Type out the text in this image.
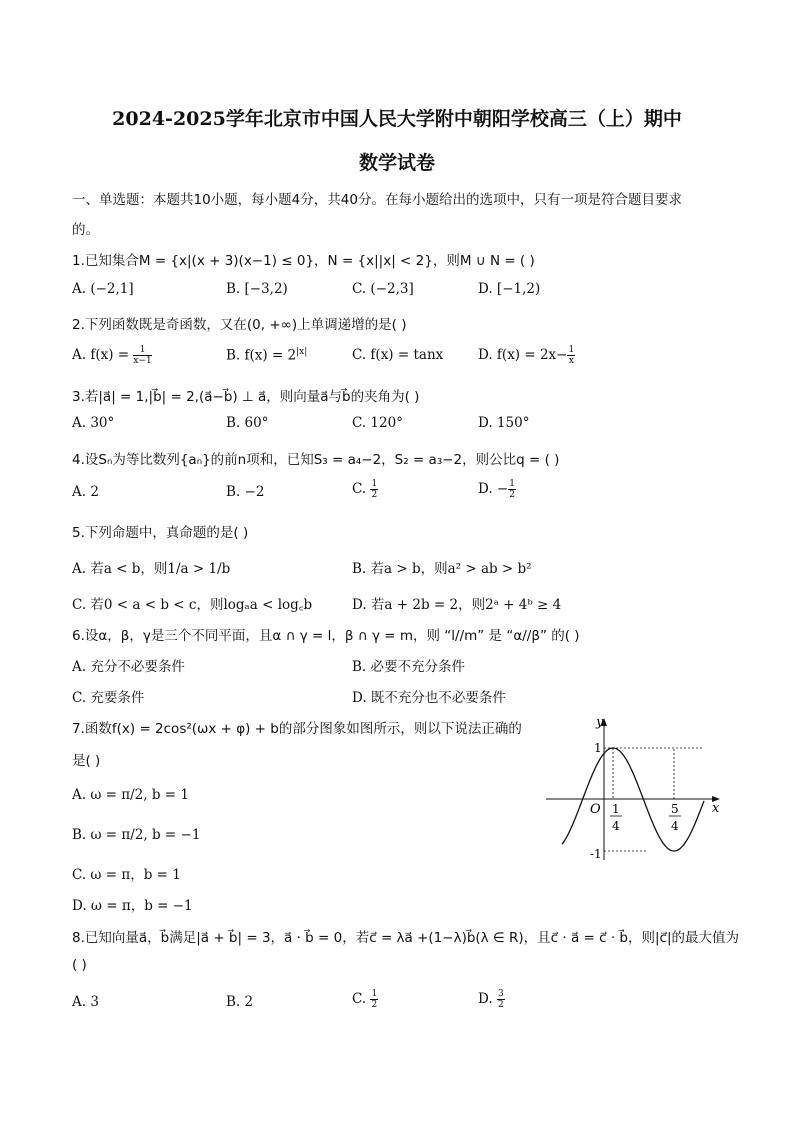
2024-2025学年北京市中国人民大学附中朝阳学校高三（上）期中
数学试卷
一、单选题：本题共10小题，每小题4分，共40分。在每小题给出的选项中，只有一项是符合题目要求
的。
1.已知集合M = {x|(x + 3)(x−1) ≤ 0}，N = {x||x| < 2}，则M ∪ N = ( )
A. (−2,1]	B. [−3,2)	C. (−2,3]	D. [−1,2)
2.下列函数既是奇函数，又在(0, +∞)上单调递增的是( )
A. $f(x) = \frac{1}{x-1}$	B. $f(x) = 2^{|x|}$	C. f(x) = tanx	D. $f(x) = 2x- \frac{1}{x}$
3.若|a⃗| = 1,|b⃗| = 2,(a⃗−b⃗) ⊥ a⃗，则向量a⃗与b⃗的夹角为( )
A. 30°	B. 60°	C. 120°	D. 150°
4.设Sₙ为等比数列{aₙ}的前n项和，已知S₃ = a₄−2，S₂ = a₃−2，则公比q = ( )
A. 2	B. −2	C. $\frac{1}{2}$	D. − $\frac{1}{2}$
5.下列命题中，真命题的是( )
A. 若a < b，则1/a > 1/b	B. 若a > b，则a² > ab > b²
C. 若0 < a < b < c，则logₐa < log꜀b	D. 若a + 2b = 2，则2ᵃ + 4ᵇ ≥ 4
6.设α，β，γ是三个不同平面，且α ∩ γ = l，β ∩ γ = m，则 “l//m” 是 “α//β” 的( )
A. 充分不必要条件	B. 必要不充分条件
C. 充要条件	D. 既不充分也不必要条件
7.函数f(x) = 2cos²(ωx + φ) + b的部分图象如图所示，则以下说法正确的
是( )
A. ω = π/2, b = 1
B. ω = π/2, b = −1
C. ω = π，b = 1
D. ω = π，b = −1
y
x
O
1
-1
1
4
5
4
8.已知向量a⃗，b⃗满足|a⃗ + b⃗| = 3，a⃗ · b⃗ = 0，若c⃗ = λa⃗ +(1−λ)b⃗(λ ∈ R)，且c⃗ · a⃗ = c⃗ · b⃗，则|c⃗|的最大值为
( )
A. 3	B. 2	C. $\frac{1}{2}$	D. $\frac{3}{2}$
